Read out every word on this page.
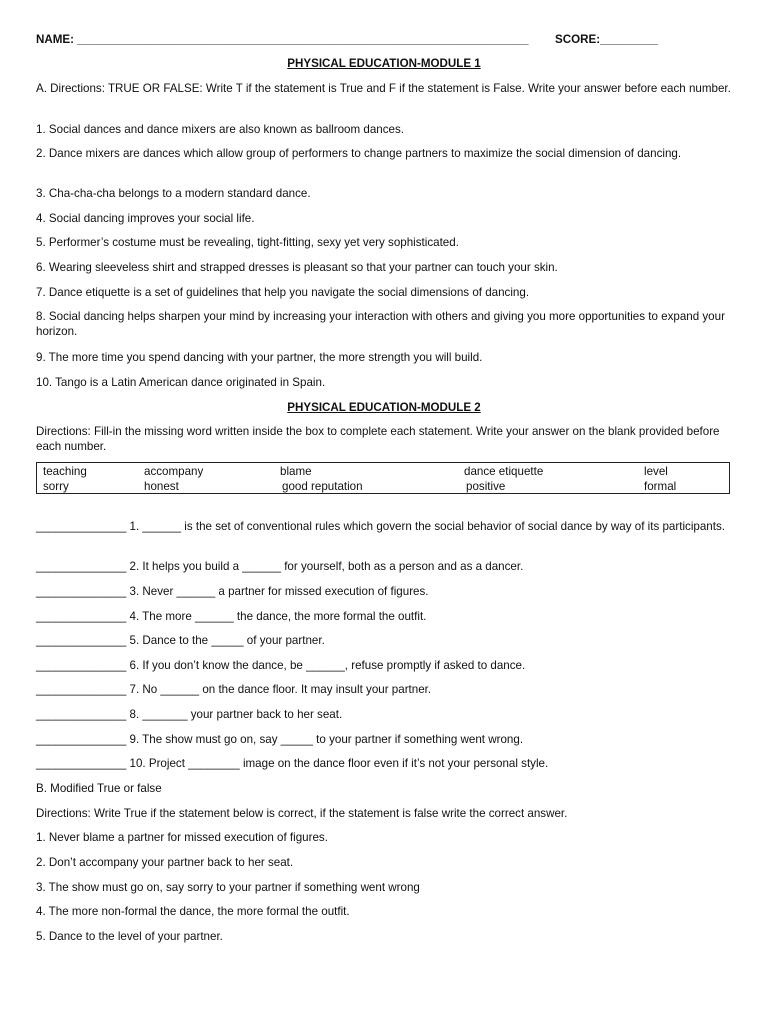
NAME: ______________________________________________________________________	SCORE:_________

PHYSICAL EDUCATION-MODULE 1

A. Directions: TRUE OR FALSE: Write T if the statement is True and F if the statement is False. Write your answer before each number.

1. Social dances and dance mixers are also known as ballroom dances.

2. Dance mixers are dances which allow group of performers to change partners to maximize the social dimension of dancing.

3. Cha-cha-cha belongs to a modern standard dance.

4. Social dancing improves your social life.

5. Performer’s costume must be revealing, tight-fitting, sexy yet very sophisticated.

6. Wearing sleeveless shirt and strapped dresses is pleasant so that your partner can touch your skin.

7. Dance etiquette is a set of guidelines that help you navigate the social dimensions of dancing.

8. Social dancing helps sharpen your mind by increasing your interaction with others and giving you more opportunities to expand your horizon.

9. The more time you spend dancing with your partner, the more strength you will build.

10. Tango is a Latin American dance originated in Spain.

PHYSICAL EDUCATION-MODULE 2

Directions: Fill-in the missing word written inside the box to complete each statement. Write your answer on the blank provided before each number.

teaching	accompany	blame	dance etiquette	level
sorry	honest	good reputation	positive	formal

______________ 1. ______ is the set of conventional rules which govern the social behavior of social dance by way of its participants.

______________ 2. It helps you build a ______ for yourself, both as a person and as a dancer.

______________ 3. Never ______ a partner for missed execution of figures.

______________ 4. The more ______ the dance, the more formal the outfit.

______________ 5. Dance to the _____ of your partner.

______________ 6. If you don’t know the dance, be ______, refuse promptly if asked to dance.

______________ 7. No ______ on the dance floor. It may insult your partner.

______________ 8. _______ your partner back to her seat.

______________ 9. The show must go on, say _____ to your partner if something went wrong.

______________ 10. Project ________ image on the dance floor even if it’s not your personal style.

B. Modified True or false

Directions: Write True if the statement below is correct, if the statement is false write the correct answer.

1. Never blame a partner for missed execution of figures.

2. Don’t accompany your partner back to her seat.

3. The show must go on, say sorry to your partner if something went wrong

4. The more non-formal the dance, the more formal the outfit.

5. Dance to the level of your partner.
